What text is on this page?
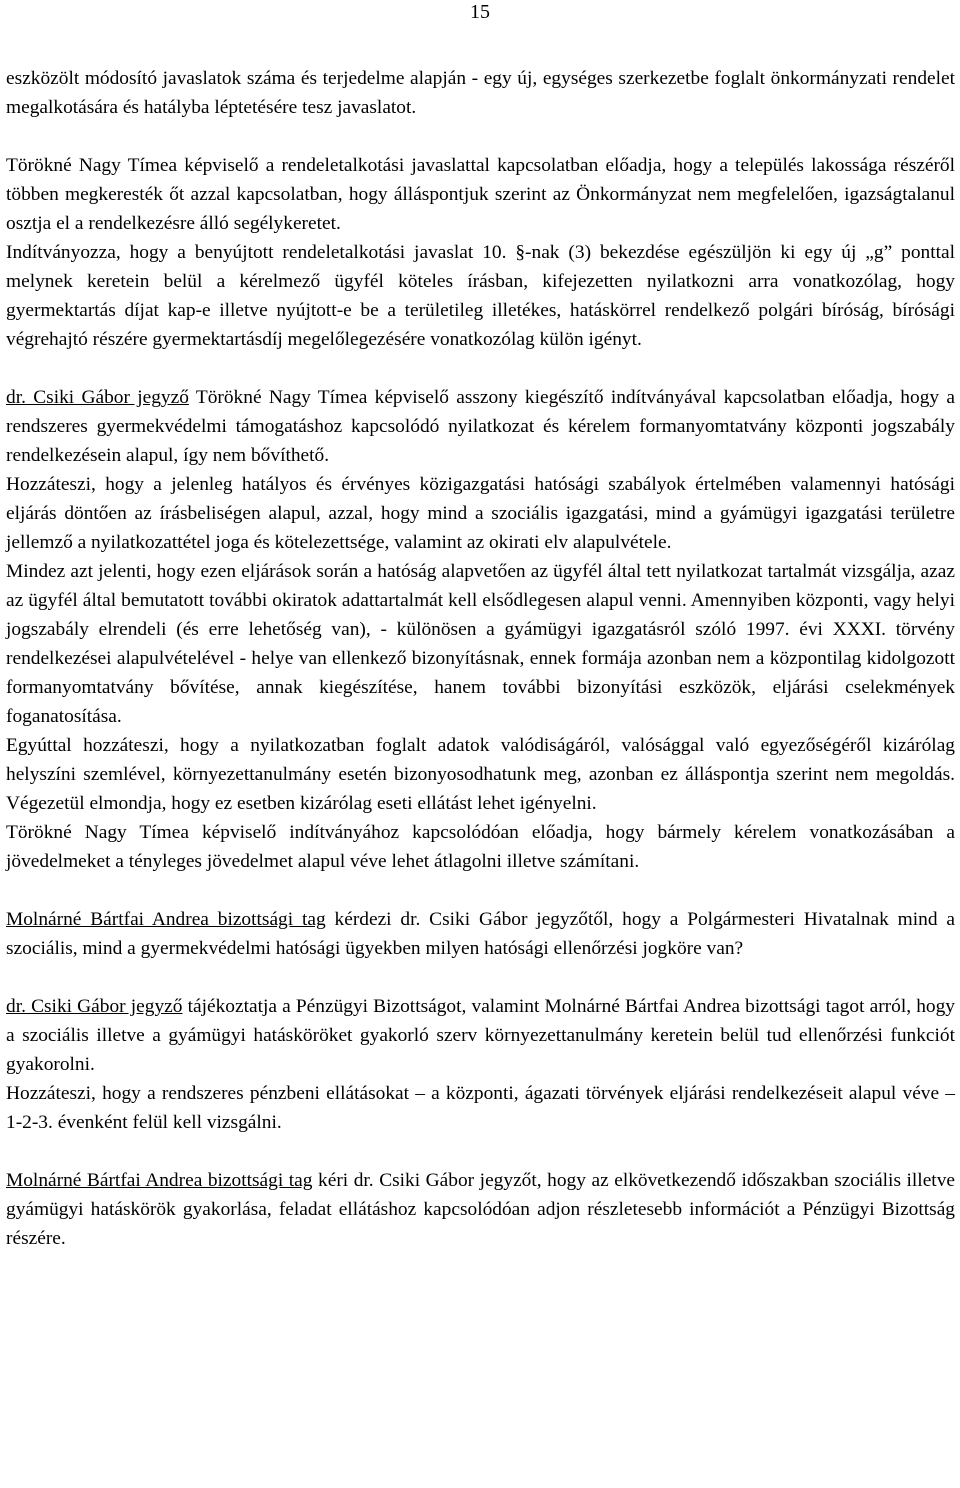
15

eszközölt módosító javaslatok száma és terjedelme alapján - egy új, egységes szerkezetbe foglalt önkormányzati rendelet megalkotására és hatályba léptetésére tesz javaslatot.

Törökné Nagy Tímea képviselő a rendeletalkotási javaslattal kapcsolatban előadja, hogy a település lakossága részéről többen megkeresték őt azzal kapcsolatban, hogy álláspontjuk szerint az Önkormányzat nem megfelelően, igazságtalanul osztja el a rendelkezésre álló segélykeretet.

Indítványozza, hogy a benyújtott rendeletalkotási javaslat 10. §-nak (3) bekezdése egészüljön ki egy új „g” ponttal melynek keretein belül a kérelmező ügyfél köteles írásban, kifejezetten nyilatkozni arra vonatkozólag, hogy gyermektartás díjat kap-e illetve nyújtott-e be a területileg illetékes, hatáskörrel rendelkező polgári bíróság, bírósági végrehajtó részére gyermektartásdíj megelőlegezésére vonatkozólag külön igényt.

dr. Csiki Gábor jegyző Törökné Nagy Tímea képviselő asszony kiegészítő indítványával kapcsolatban előadja, hogy a rendszeres gyermekvédelmi támogatáshoz kapcsolódó nyilatkozat és kérelem formanyomtatvány központi jogszabály rendelkezésein alapul, így nem bővíthető.

Hozzáteszi, hogy a jelenleg hatályos és érvényes közigazgatási hatósági szabályok értelmében valamennyi hatósági eljárás döntően az írásbeliségen alapul, azzal, hogy mind a szociális igazgatási, mind a gyámügyi igazgatási területre jellemző a nyilatkozattétel joga és kötelezettsége, valamint az okirati elv alapulvétele.

Mindez azt jelenti, hogy ezen eljárások során a hatóság alapvetően az ügyfél által tett nyilatkozat tartalmát vizsgálja, azaz az ügyfél által bemutatott további okiratok adattartalmát kell elsődlegesen alapul venni. Amennyiben központi, vagy helyi jogszabály elrendeli (és erre lehetőség van), - különösen a gyámügyi igazgatásról szóló 1997. évi XXXI. törvény rendelkezései alapulvételével - helye van ellenkező bizonyításnak, ennek formája azonban nem a központilag kidolgozott formanyomtatvány bővítése, annak kiegészítése, hanem további bizonyítási eszközök, eljárási cselekmények foganatosítása.

Egyúttal hozzáteszi, hogy a nyilatkozatban foglalt adatok valódiságáról, valósággal való egyezőségéről kizárólag helyszíni szemlével, környezettanulmány esetén bizonyosodhatunk meg, azonban ez álláspontja szerint nem megoldás. Végezetül elmondja, hogy ez esetben kizárólag eseti ellátást lehet igényelni.

Törökné Nagy Tímea képviselő indítványához kapcsolódóan előadja, hogy bármely kérelem vonatkozásában a jövedelmeket a tényleges jövedelmet alapul véve lehet átlagolni illetve számítani.

Molnárné Bártfai Andrea bizottsági tag kérdezi dr. Csiki Gábor jegyzőtől, hogy a Polgármesteri Hivatalnak mind a szociális, mind a gyermekvédelmi hatósági ügyekben milyen hatósági ellenőrzési jogköre van?

dr. Csiki Gábor jegyző tájékoztatja a Pénzügyi Bizottságot, valamint Molnárné Bártfai Andrea bizottsági tagot arról, hogy a szociális illetve a gyámügyi hatásköröket gyakorló szerv környezettanulmány keretein belül tud ellenőrzési funkciót gyakorolni.

Hozzáteszi, hogy a rendszeres pénzbeni ellátásokat – a központi, ágazati törvények eljárási rendelkezéseit alapul véve – 1-2-3. évenként felül kell vizsgálni.

Molnárné Bártfai Andrea bizottsági tag kéri dr. Csiki Gábor jegyzőt, hogy az elkövetkezendő időszakban szociális illetve gyámügyi hatáskörök gyakorlása, feladat ellátáshoz kapcsolódóan adjon részletesebb információt a Pénzügyi Bizottság részére.
